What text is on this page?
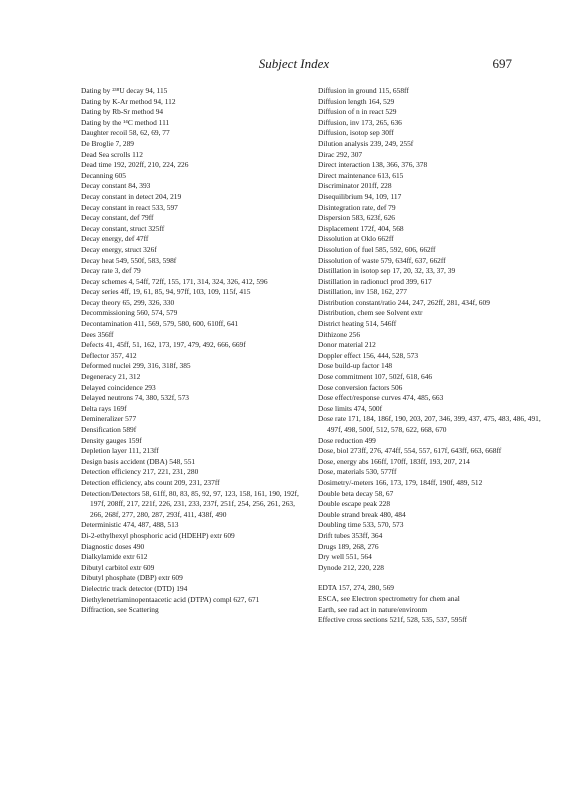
Subject Index	697

Dating by ²³⁸U decay 94, 115

Dating by K-Ar method 94, 112

Dating by Rb-Sr method 94

Dating by the ¹⁴C method 111

Daughter recoil 58, 62, 69, 77

De Broglie 7, 289

Dead Sea scrolls 112

Dead time 192, 202ff, 210, 224, 226

Decanning 605

Decay constant 84, 393

Decay constant in detect 204, 219

Decay constant in react 533, 597

Decay constant, def 79ff

Decay constant, struct 325ff

Decay energy, def 47ff

Decay energy, struct 326f

Decay heat 549, 550f, 583, 598f

Decay rate 3, def 79

Decay schemes 4, 54ff, 72ff, 155, 171, 314, 324, 326, 412, 596

Decay series 4ff, 19, 61, 85, 94, 97ff, 103, 109, 115f, 415

Decay theory 65, 299, 326, 330

Decommissioning 560, 574, 579

Decontamination 411, 569, 579, 580, 600, 610ff, 641

Dees 356ff

Defects 41, 45ff, 51, 162, 173, 197, 479, 492, 666, 669f

Deflector 357, 412

Deformed nuclei 299, 316, 318f, 385

Degeneracy 21, 312

Delayed coincidence 293

Delayed neutrons 74, 380, 532f, 573

Delta rays 169f

Demineralizer 577

Densification 589f

Density gauges 159f

Depletion layer 111, 213ff

Design basis accident (DBA) 548, 551

Detection efficiency 217, 221, 231, 280

Detection efficiency, abs count 209, 231, 237ff

Detection/Detectors 58, 61ff, 80, 83, 85, 92, 97, 123, 158, 161, 190, 192f, 197f, 208ff, 217, 221f, 226, 231, 233, 237f, 251f, 254, 256, 261, 263, 266, 268f, 277, 280, 287, 293f, 411, 438f, 490

Deterministic 474, 487, 488, 513

Di-2-ethylhexyl phosphoric acid (HDEHP) extr 609

Diagnostic doses 490

Dialkylamide extr 612

Dibutyl carbitol extr 609

Dibutyl phosphate (DBP) extr 609

Dielectric track detector (DTD) 194

Diethylenetriaminopentaacetic acid (DTPA) compl 627, 671

Diffraction, see Scattering

Diffusion in ground 115, 658ff

Diffusion length 164, 529

Diffusion of n in react 529

Diffusion, inv 173, 265, 636

Diffusion, isotop sep 30ff

Dilution analysis 239, 249, 255f

Dirac 292, 307

Direct interaction 138, 366, 376, 378

Direct maintenance 613, 615

Discriminator 201ff, 228

Disequilibrium 94, 109, 117

Disintegration rate, def 79

Dispersion 583, 623f, 626

Displacement 172f, 404, 568

Dissolution at Oklo 662ff

Dissolution of fuel 585, 592, 606, 662ff

Dissolution of waste 579, 634ff, 637, 662ff

Distillation in isotop sep 17, 20, 32, 33, 37, 39

Distillation in radionucl prod 399, 617

Distillation, inv 158, 162, 277

Distribution constant/ratio 244, 247, 262ff, 281, 434f, 609

Distribution, chem see Solvent extr

District heating 514, 546ff

Dithizone 256

Donor material 212

Doppler effect 156, 444, 528, 573

Dose build-up factor 148

Dose commitment 107, 502f, 618, 646

Dose conversion factors 506

Dose effect/response curves 474, 485, 663

Dose limits 474, 500f

Dose rate 171, 184, 186f, 190, 203, 207, 346, 399, 437, 475, 483, 486, 491, 497f, 498, 500f, 512, 578, 622, 668, 670

Dose reduction 499

Dose, biol 273ff, 276, 474ff, 554, 557, 617f, 643ff, 663, 668ff

Dose, energy abs 166ff, 170ff, 183ff, 193, 207, 214

Dose, materials 530, 577ff

Dosimetry/-meters 166, 173, 179, 184ff, 190f, 489, 512

Double beta decay 58, 67

Double escape peak 228

Double strand break 480, 484

Doubling time 533, 570, 573

Drift tubes 353ff, 364

Drugs 189, 268, 276

Dry well 551, 564

Dynode 212, 220, 228

EDTA 157, 274, 280, 569

ESCA, see Electron spectrometry for chem anal

Earth, see rad act in nature/environm

Effective cross sections 521f, 528, 535, 537, 595ff
